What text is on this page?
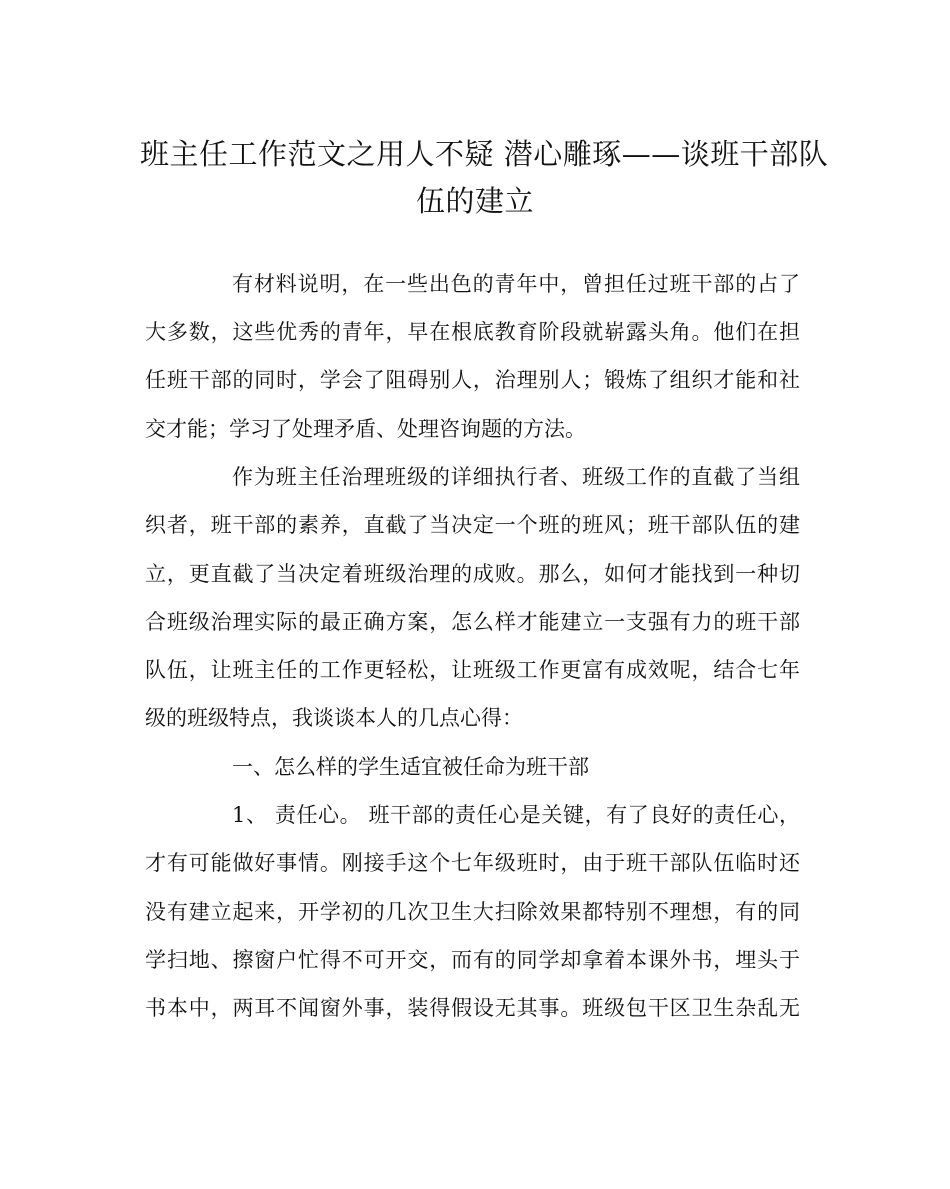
班主任工作范文之用人不疑 潜心雕琢——谈班干部队
伍的建立
有材料说明，在一些出色的青年中，曾担任过班干部的占了
大多数，这些优秀的青年，早在根底教育阶段就崭露头角。他们在担
任班干部的同时，学会了阻碍别人，治理别人；锻炼了组织才能和社
交才能；学习了处理矛盾、处理咨询题的方法。
作为班主任治理班级的详细执行者、班级工作的直截了当组
织者，班干部的素养，直截了当决定一个班的班风；班干部队伍的建
立，更直截了当决定着班级治理的成败。那么，如何才能找到一种切
合班级治理实际的最正确方案，怎么样才能建立一支强有力的班干部
队伍，让班主任的工作更轻松，让班级工作更富有成效呢，结合七年
级的班级特点，我谈谈本人的几点心得：
一、怎么样的学生适宜被任命为班干部
1、 责任心。 班干部的责任心是关键，有了良好的责任心，
才有可能做好事情。刚接手这个七年级班时，由于班干部队伍临时还
没有建立起来，开学初的几次卫生大扫除效果都特别不理想，有的同
学扫地、擦窗户忙得不可开交，而有的同学却拿着本课外书，埋头于
书本中，两耳不闻窗外事，装得假设无其事。班级包干区卫生杂乱无
